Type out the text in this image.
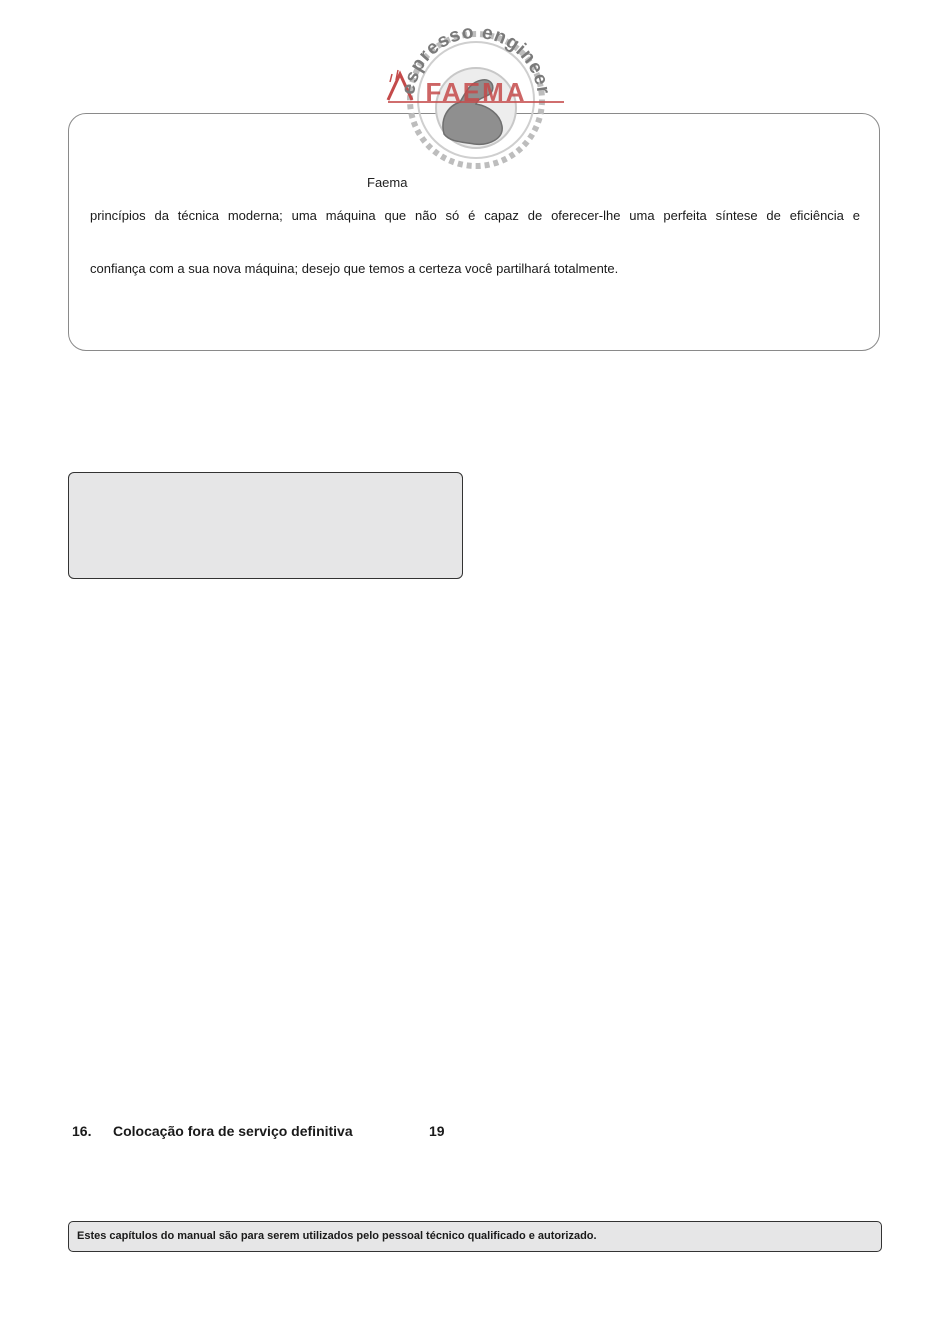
espresso engineer
FAEMA
Faema
princípios da técnica moderna; uma máquina que não só é capaz de oferecer-lhe uma perfeita síntese de eficiência e
confiança com a sua nova máquina; desejo que temos a certeza você partilhará totalmente.
16. Colocação fora de serviço definitiva	19
Estes capítulos do manual são para serem utilizados pelo pessoal técnico qualificado e autorizado.
